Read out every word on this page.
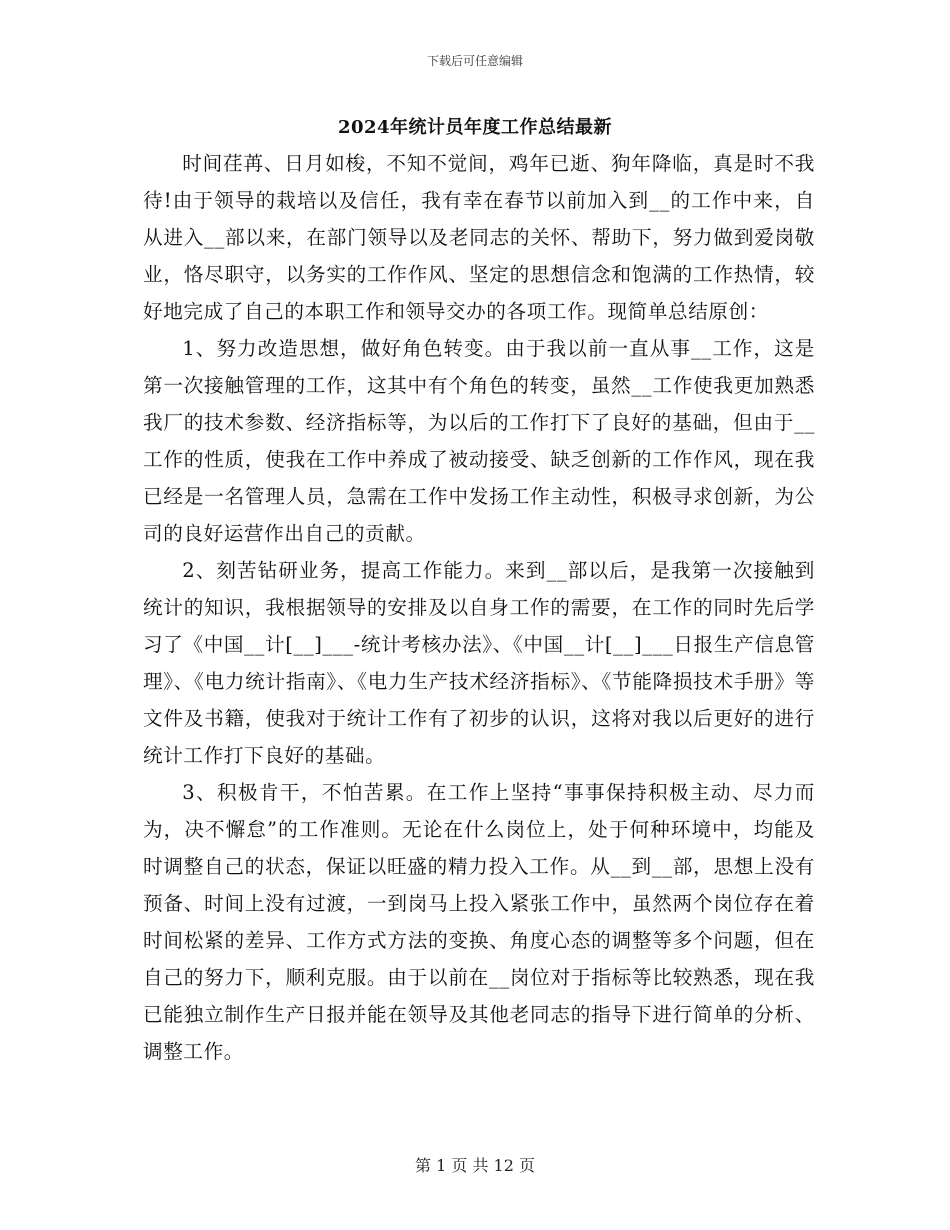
下载后可任意编辑
2024年统计员年度工作总结最新

时间荏苒、日月如梭，不知不觉间，鸡年已逝、狗年降临，真是时不我待!由于领导的栽培以及信任，我有幸在春节以前加入到__的工作中来，自从进入__部以来，在部门领导以及老同志的关怀、帮助下，努力做到爱岗敬业，恪尽职守，以务实的工作作风、坚定的思想信念和饱满的工作热情，较好地完成了自己的本职工作和领导交办的各项工作。现简单总结原创：

1、努力改造思想，做好角色转变。由于我以前一直从事__工作，这是第一次接触管理的工作，这其中有个角色的转变，虽然__工作使我更加熟悉我厂的技术参数、经济指标等，为以后的工作打下了良好的基础，但由于__工作的性质，使我在工作中养成了被动接受、缺乏创新的工作作风，现在我已经是一名管理人员，急需在工作中发扬工作主动性，积极寻求创新，为公司的良好运营作出自己的贡献。

2、刻苦钻研业务，提高工作能力。来到__部以后，是我第一次接触到统计的知识，我根据领导的安排及以自身工作的需要，在工作的同时先后学习了《中国__计[__]___-统计考核办法》、《中国__计[__]___日报生产信息管理》、《电力统计指南》、《电力生产技术经济指标》、《节能降损技术手册》等文件及书籍，使我对于统计工作有了初步的认识，这将对我以后更好的进行统计工作打下良好的基础。

3、积极肯干，不怕苦累。在工作上坚持“事事保持积极主动、尽力而为，决不懈怠”的工作准则。无论在什么岗位上，处于何种环境中，均能及时调整自己的状态，保证以旺盛的精力投入工作。从__到__部，思想上没有预备、时间上没有过渡，一到岗马上投入紧张工作中，虽然两个岗位存在着时间松紧的差异、工作方式方法的变换、角度心态的调整等多个问题，但在自己的努力下，顺利克服。由于以前在__岗位对于指标等比较熟悉，现在我已能独立制作生产日报并能在领导及其他老同志的指导下进行简单的分析、调整工作。

第 1 页 共 12 页
